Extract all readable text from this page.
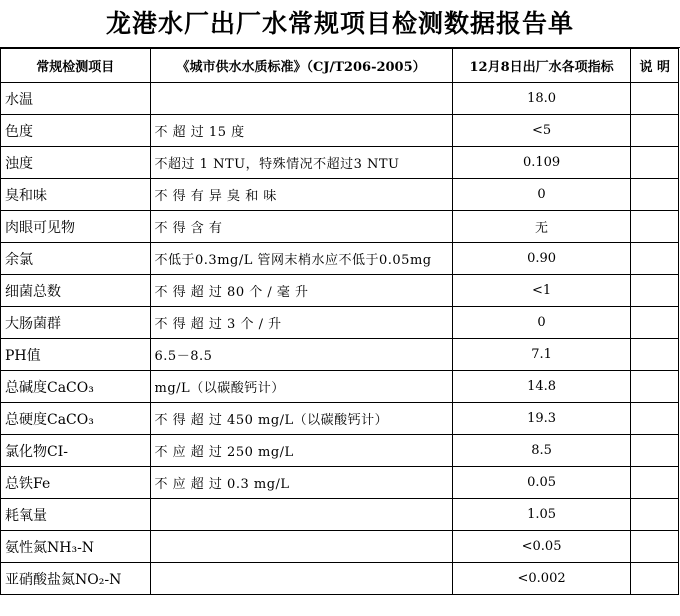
龙港水厂出厂水常规项目检测数据报告单
常规检测项目	《城市供水水质标准》（CJ/T206-2005）	12月8日出厂水各项指标	说 明
水温		18.0	
色度	不 超 过 15 度	<5	
浊度	不超过 1 NTU，特殊情况不超过3 NTU	0.109	
臭和味	不 得 有 异 臭 和 味	0	
肉眼可见物	不 得 含 有	无	
余氯	不低于0.3mg/L 管网末梢水应不低于0.05mg	0.90	
细菌总数	不 得 超 过 80 个 / 毫 升	<1	
大肠菌群	不 得 超 过 3 个 / 升	0	
PH值	6.5－8.5	7.1	
总碱度CaCO₃	mg/L（以碳酸钙计）	14.8	
总硬度CaCO₃	不 得 超 过 450 mg/L（以碳酸钙计）	19.3	
氯化物CI-	不 应 超 过 250 mg/L	8.5	
总铁Fe	不 应 超 过 0.3 mg/L	0.05	
耗氧量		1.05	
氨性氮NH₃-N		<0.05	
亚硝酸盐氮NO₂-N		<0.002	
